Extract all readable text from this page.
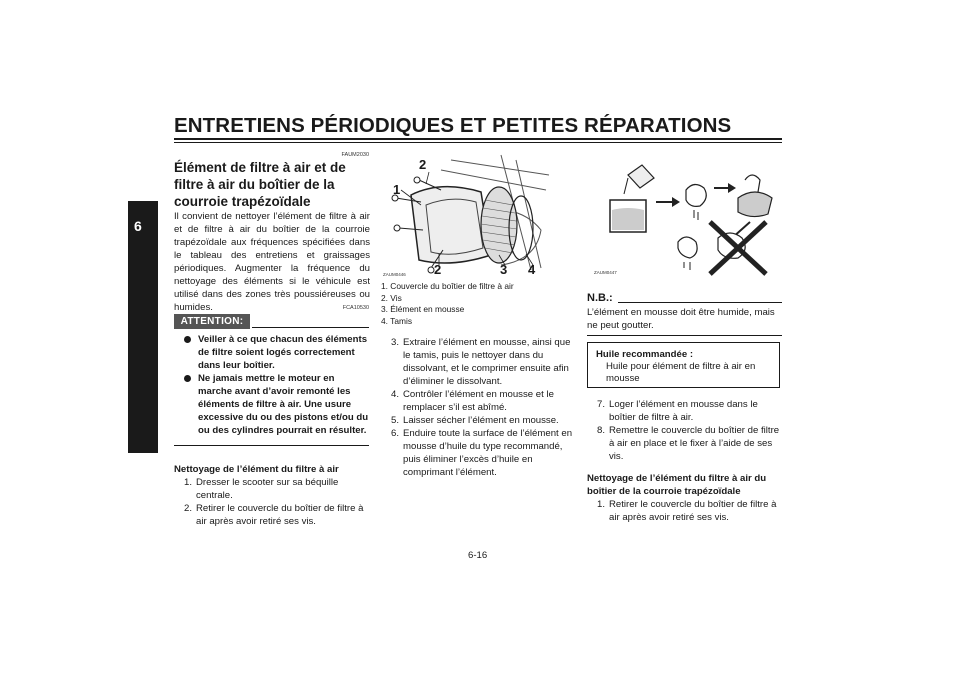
ENTRETIENS PÉRIODIQUES ET PETITES RÉPARATIONS
6
FAUM2030
Élément de filtre à air et de filtre à air du boîtier de la courroie trapézoïdale

Il convient de nettoyer l’élément de filtre à air et de filtre à air du boîtier de la courroie trapézoïdale aux fréquences spécifiées dans le tableau des entretiens et graissages périodiques. Augmenter la fréquence du nettoyage des éléments si le véhicule est utilisé dans des zones très poussiéreuses ou humides.	FCA10530
ATTENTION:
Veiller à ce que chacun des éléments de filtre soient logés correctement dans leur boîtier.
Ne jamais mettre le moteur en marche avant d’avoir remonté les éléments de filtre à air. Une usure excessive du ou des pistons et/ou du ou des cylindres pourrait en résulter.

Nettoyage de l’élément du filtre à air

1. Dresser le scooter sur sa béquille centrale.
2. Retirer le couvercle du boîtier de filtre à air après avoir retiré ses vis.
2
1
2	3 4
ZAUM0446
1. Couvercle du boîtier de filtre à air
2. Vis
3. Élément en mousse
4. Tamis
3. Extraire l’élément en mousse, ainsi que le tamis, puis le nettoyer dans du dissolvant, et le comprimer ensuite afin d’éliminer le dissolvant.
4. Contrôler l’élément en mousse et le remplacer s’il est abîmé.
5. Laisser sécher l’élément en mousse.
6. Enduire toute la surface de l’élément en mousse d’huile du type recommandé, puis éliminer l’excès d’huile en comprimant l’élément.
ZAUM0447
N.B.:

L’élément en mousse doit être humide, mais ne peut goutter.

Huile recommandée :

Huile pour élément de filtre à air en mousse

7. Loger l’élément en mousse dans le boîtier de filtre à air.
8. Remettre le couvercle du boîtier de filtre à air en place et le fixer à l’aide de ses vis.

Nettoyage de l’élément du filtre à air du boîtier de la courroie trapézoïdale

1. Retirer le couvercle du boîtier de filtre à air après avoir retiré ses vis.
6-16
